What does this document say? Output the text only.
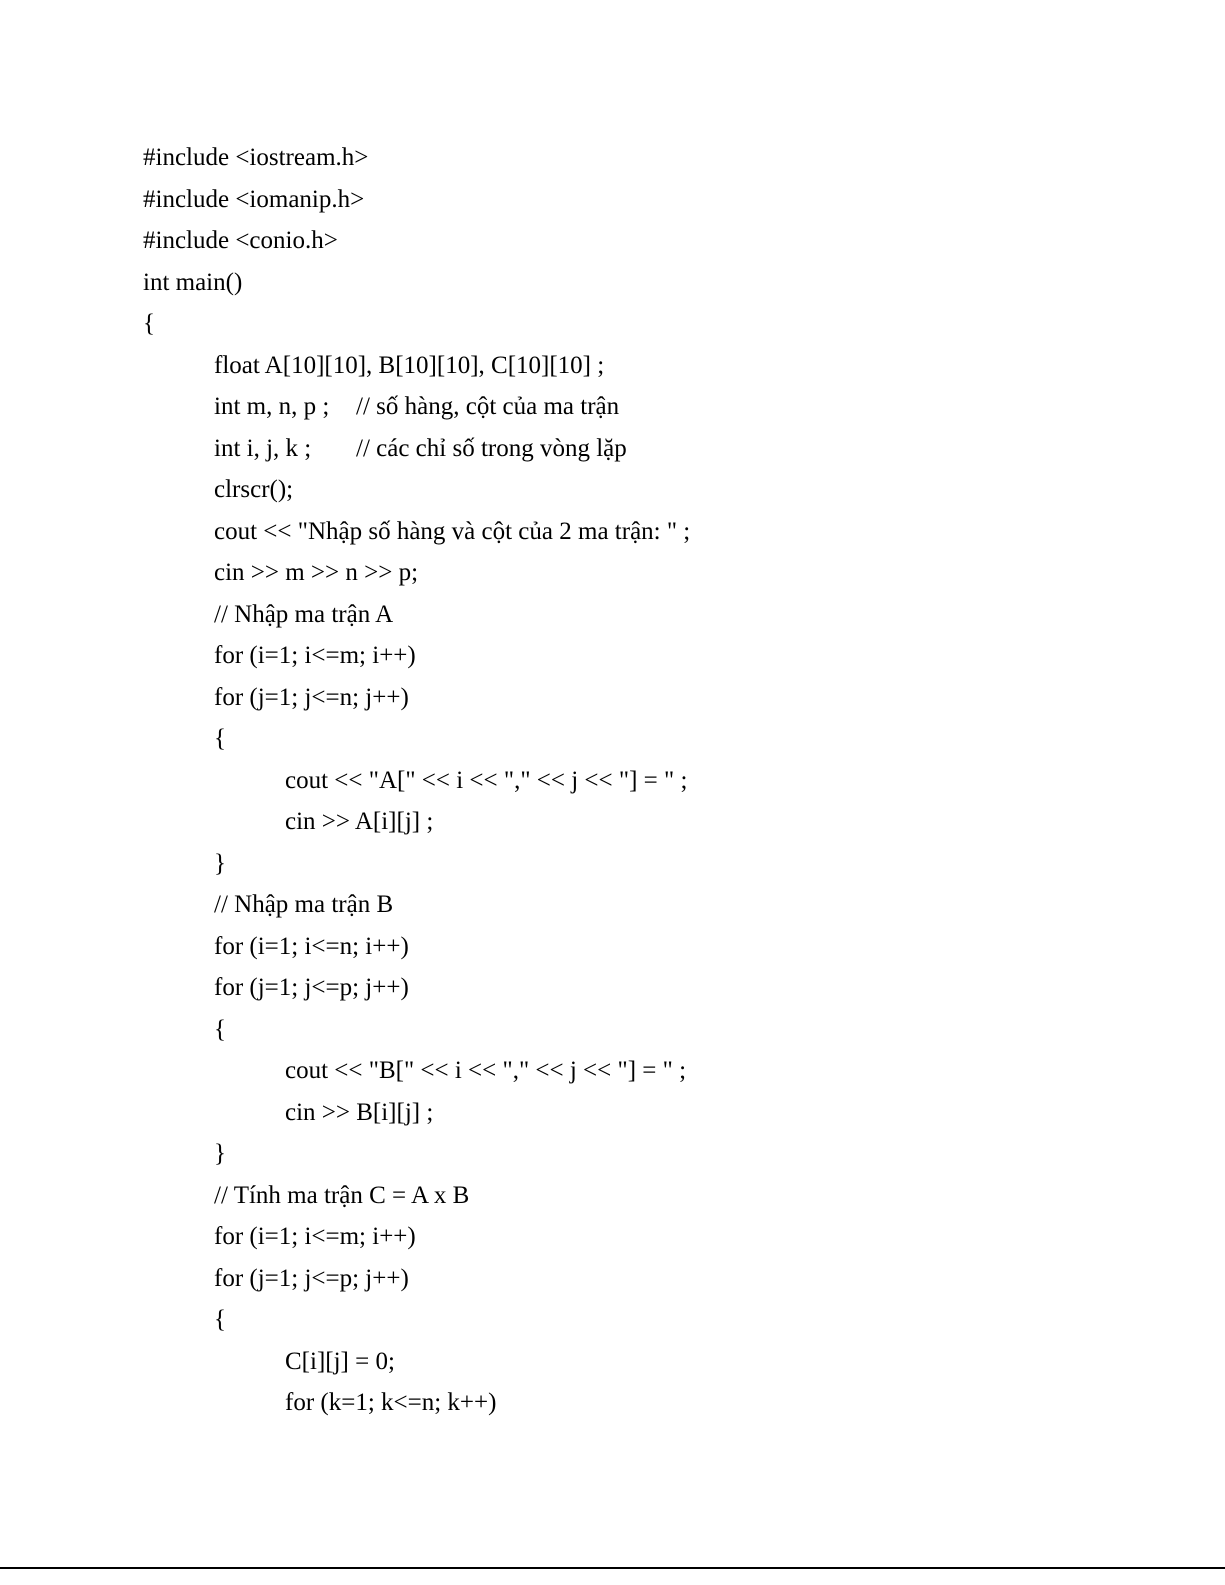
#include <iostream.h>
#include <iomanip.h>
#include <conio.h>
int main()
{
float A[10][10], B[10][10], C[10][10] ;
int m, n, p ; // số hàng, cột của ma trận
int i, j, k ; // các chỉ số trong vòng lặp
clrscr();
cout << "Nhập số hàng và cột của 2 ma trận: " ;
cin >> m >> n >> p;
// Nhập ma trận A
for (i=1; i<=m; i++)
for (j=1; j<=n; j++)
{
cout << "A[" << i << "," << j << "] = " ;
cin >> A[i][j] ;
}
// Nhập ma trận B
for (i=1; i<=n; i++)
for (j=1; j<=p; j++)
{
cout << "B[" << i << "," << j << "] = " ;
cin >> B[i][j] ;
}
// Tính ma trận C = A x B
for (i=1; i<=m; i++)
for (j=1; j<=p; j++)
{
C[i][j] = 0;
for (k=1; k<=n; k++)
